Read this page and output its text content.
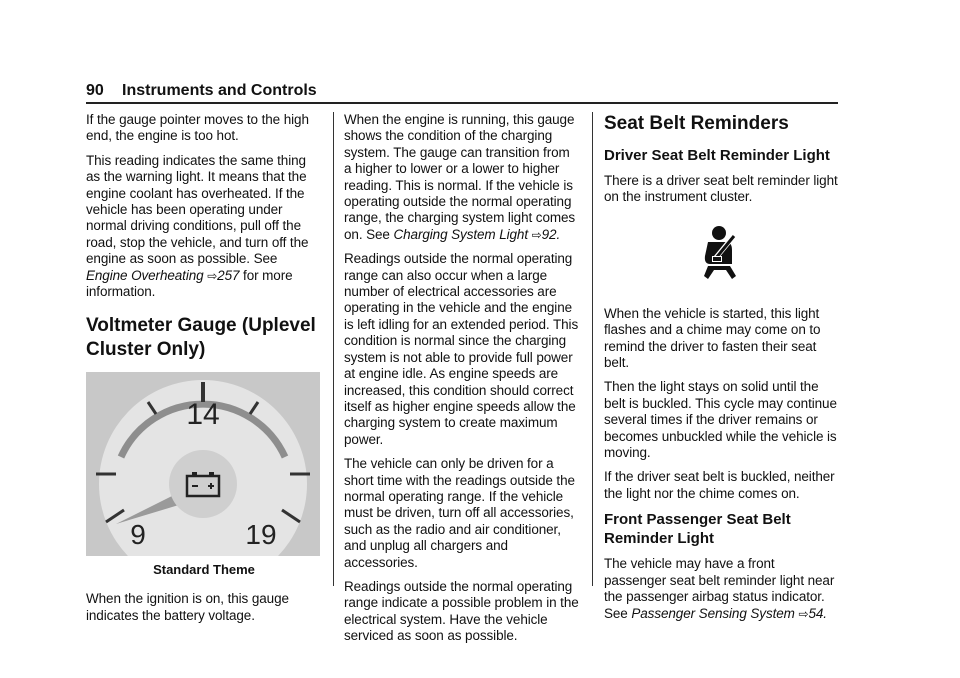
90 Instruments and Controls

If the gauge pointer moves to the high end, the engine is too hot.

This reading indicates the same thing as the warning light. It means that the engine coolant has overheated. If the vehicle has been operating under normal driving conditions, pull off the road, stop the vehicle, and turn off the engine as soon as possible. See Engine Overheating ⇨257 for more information.

Voltmeter Gauge (Uplevel Cluster Only)
14
9	19
Standard Theme

When the ignition is on, this gauge indicates the battery voltage.

When the engine is running, this gauge shows the condition of the charging system. The gauge can transition from a higher to lower or a lower to higher reading. This is normal. If the vehicle is operating outside the normal operating range, the charging system light comes on. See Charging System Light ⇨92.

Readings outside the normal operating range can also occur when a large number of electrical accessories are operating in the vehicle and the engine is left idling for an extended period. This condition is normal since the charging system is not able to provide full power at engine idle. As engine speeds are increased, this condition should correct itself as higher engine speeds allow the charging system to create maximum power.

The vehicle can only be driven for a short time with the readings outside the normal operating range. If the vehicle must be driven, turn off all accessories, such as the radio and air conditioner, and unplug all chargers and accessories.

Readings outside the normal operating range indicate a possible problem in the electrical system. Have the vehicle serviced as soon as possible.

Seat Belt Reminders
Driver Seat Belt Reminder Light

There is a driver seat belt reminder light on the instrument cluster.

When the vehicle is started, this light flashes and a chime may come on to remind the driver to fasten their seat belt.

Then the light stays on solid until the belt is buckled. This cycle may continue several times if the driver remains or becomes unbuckled while the vehicle is moving.

If the driver seat belt is buckled, neither the light nor the chime comes on.

Front Passenger Seat Belt Reminder Light

The vehicle may have a front passenger seat belt reminder light near the passenger airbag status indicator. See Passenger Sensing System ⇨54.
